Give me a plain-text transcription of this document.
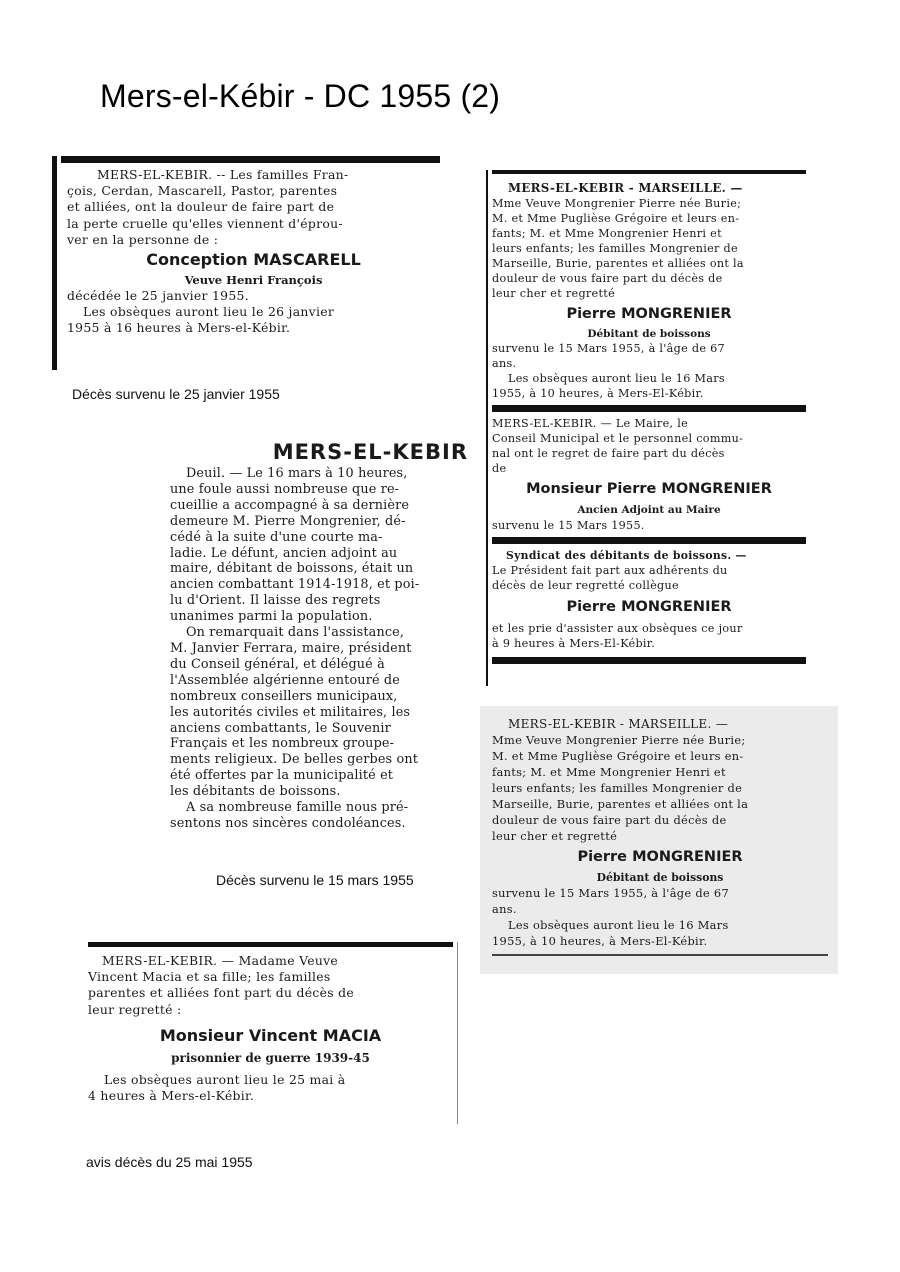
Mers-el-Kébir - DC 1955 (2)
MERS-EL-KEBIR. -- Les familles Fran-
çois, Cerdan, Mascarell, Pastor, parentes
et alliées, ont la douleur de faire part de
la perte cruelle qu'elles viennent d'éprou-
ver en la personne de :
Conception MASCARELL
Veuve Henri François
décédée le 25 janvier 1955.
Les obsèques auront lieu le 26 janvier
1955 à 16 heures à Mers-el-Kébir.
Décès survenu le 25 janvier 1955
MERS-EL-KEBIR - MARSEILLE. —
Mme Veuve Mongrenier Pierre née Burie;
M. et Mme Puglièse Grégoire et leurs en-
fants; M. et Mme Mongrenier Henri et
leurs enfants; les familles Mongrenier de
Marseille, Burie, parentes et alliées ont la
douleur de vous faire part du décès de
leur cher et regretté
Pierre MONGRENIER
Débitant de boissons
survenu le 15 Mars 1955, à l'âge de 67
ans.
Les obsèques auront lieu le 16 Mars
1955, à 10 heures, à Mers-El-Kébir.
MERS-EL-KEBIR. — Le Maire, le
Conseil Municipal et le personnel commu-
nal ont le regret de faire part du décès
de
Monsieur Pierre MONGRENIER
Ancien Adjoint au Maire
survenu le 15 Mars 1955.
Syndicat des débitants de boissons. —
Le Président fait part aux adhérents du
décès de leur regretté collègue
Pierre MONGRENIER
et les prie d'assister aux obsèques ce jour
à 9 heures à Mers-El-Kébir.
MERS-EL-KEBIR
Deuil. — Le 16 mars à 10 heures,
une foule aussi nombreuse que re-
cueillie a accompagné à sa dernière
demeure M. Pierre Mongrenier, dé-
cédé à la suite d'une courte ma-
ladie. Le défunt, ancien adjoint au
maire, débitant de boissons, était un
ancien combattant 1914-1918, et poi-
lu d'Orient. Il laisse des regrets
unanimes parmi la population.
On remarquait dans l'assistance,
M. Janvier Ferrara, maire, président
du Conseil général, et délégué à
l'Assemblée algérienne entouré de
nombreux conseillers municipaux,
les autorités civiles et militaires, les
anciens combattants, le Souvenir
Français et les nombreux groupe-
ments religieux. De belles gerbes ont
été offertes par la municipalité et
les débitants de boissons.
A sa nombreuse famille nous pré-
sentons nos sincères condoléances.
Décès survenu le 15 mars 1955
MERS-EL-KEBIR - MARSEILLE. —
Mme Veuve Mongrenier Pierre née Burie;
M. et Mme Puglièse Grégoire et leurs en-
fants; M. et Mme Mongrenier Henri et
leurs enfants; les familles Mongrenier de
Marseille, Burie, parentes et alliées ont la
douleur de vous faire part du décès de
leur cher et regretté
Pierre MONGRENIER
Débitant de boissons
survenu le 15 Mars 1955, à l'âge de 67
ans.
Les obsèques auront lieu le 16 Mars
1955, à 10 heures, à Mers-El-Kébir.
MERS-EL-KEBIR. — Madame Veuve
Vincent Macia et sa fille; les familles
parentes et alliées font part du décès de
leur regretté :
Monsieur Vincent MACIA
prisonnier de guerre 1939-45
Les obsèques auront lieu le 25 mai à
4 heures à Mers-el-Kébir.
avis décès du 25 mai 1955
